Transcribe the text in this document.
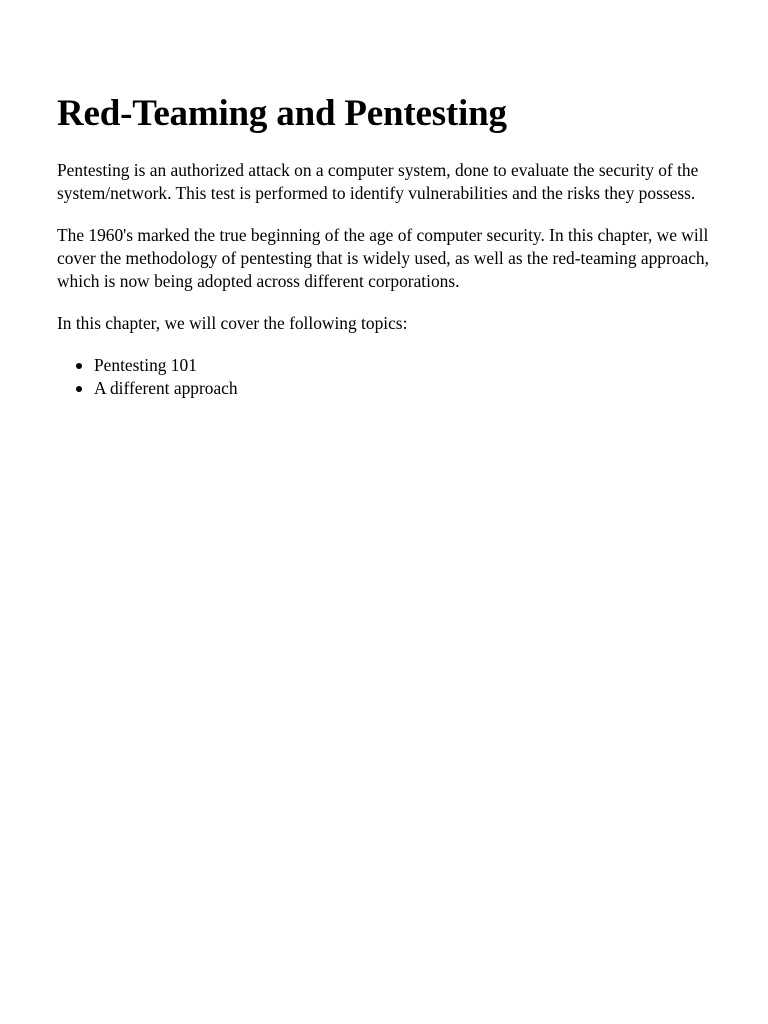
Red-Teaming and Pentesting

Pentesting is an authorized attack on a computer system, done to evaluate the security of the system/network. This test is performed to identify vulnerabilities and the risks they possess.

The 1960's marked the true beginning of the age of computer security. In this chapter, we will cover the methodology of pentesting that is widely used, as well as the red-teaming approach, which is now being adopted across different corporations.

In this chapter, we will cover the following topics:

Pentesting 101
A different approach
